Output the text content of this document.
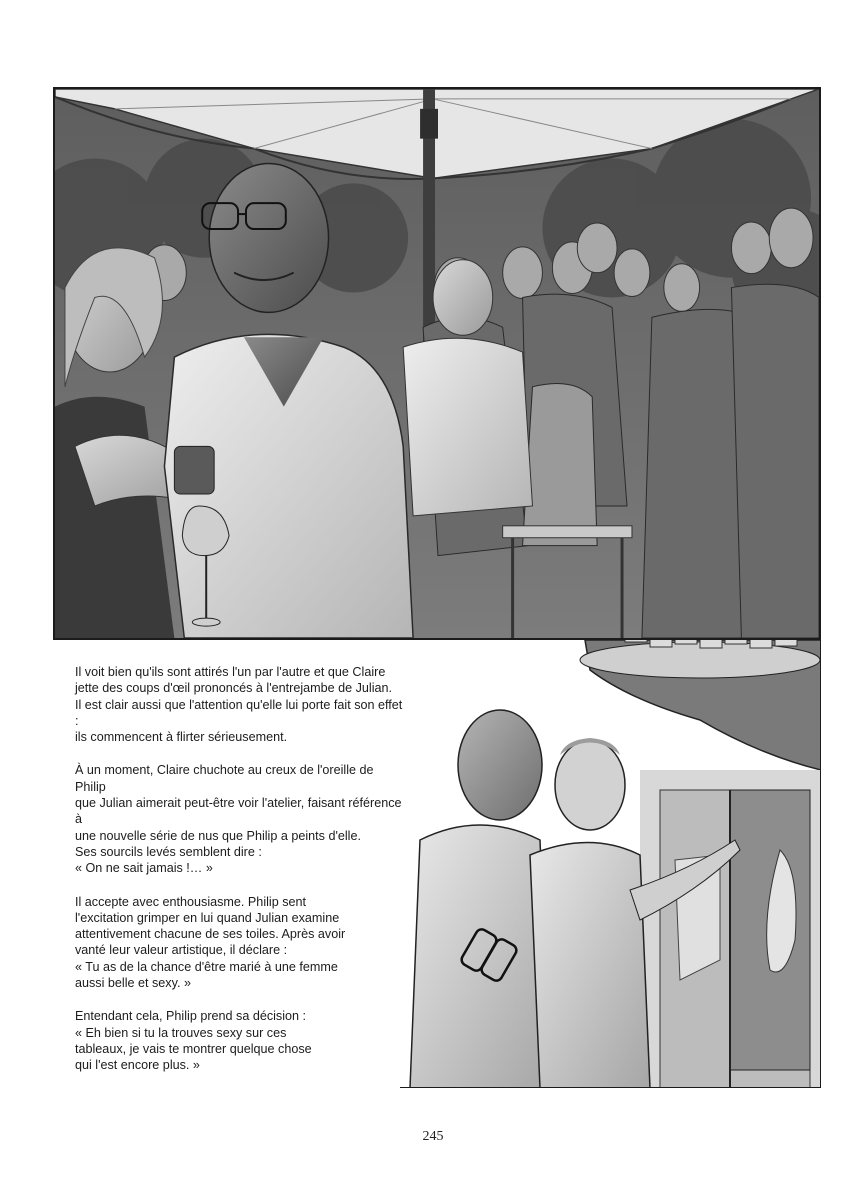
Il voit bien qu'ils sont attirés l'un par l'autre et que Claire
jette des coups d'œil prononcés à l'entrejambe de Julian.
Il est clair aussi que l'attention qu'elle lui porte fait son effet :
ils commencent à flirter sérieusement.

À un moment, Claire chuchote au creux de l'oreille de Philip
que Julian aimerait peut-être voir l'atelier, faisant référence à
une nouvelle série de nus que Philip a peints d'elle.
Ses sourcils levés semblent dire :
« On ne sait jamais !… »

Il accepte avec enthousiasme. Philip sent
l'excitation grimper en lui quand Julian examine
attentivement chacune de ses toiles. Après avoir
vanté leur valeur artistique, il déclare :
« Tu as de la chance d'être marié à une femme
aussi belle et sexy. »

Entendant cela, Philip prend sa décision :
« Eh bien si tu la trouves sexy sur ces
tableaux, je vais te montrer quelque chose
qui l'est encore plus. »

245
